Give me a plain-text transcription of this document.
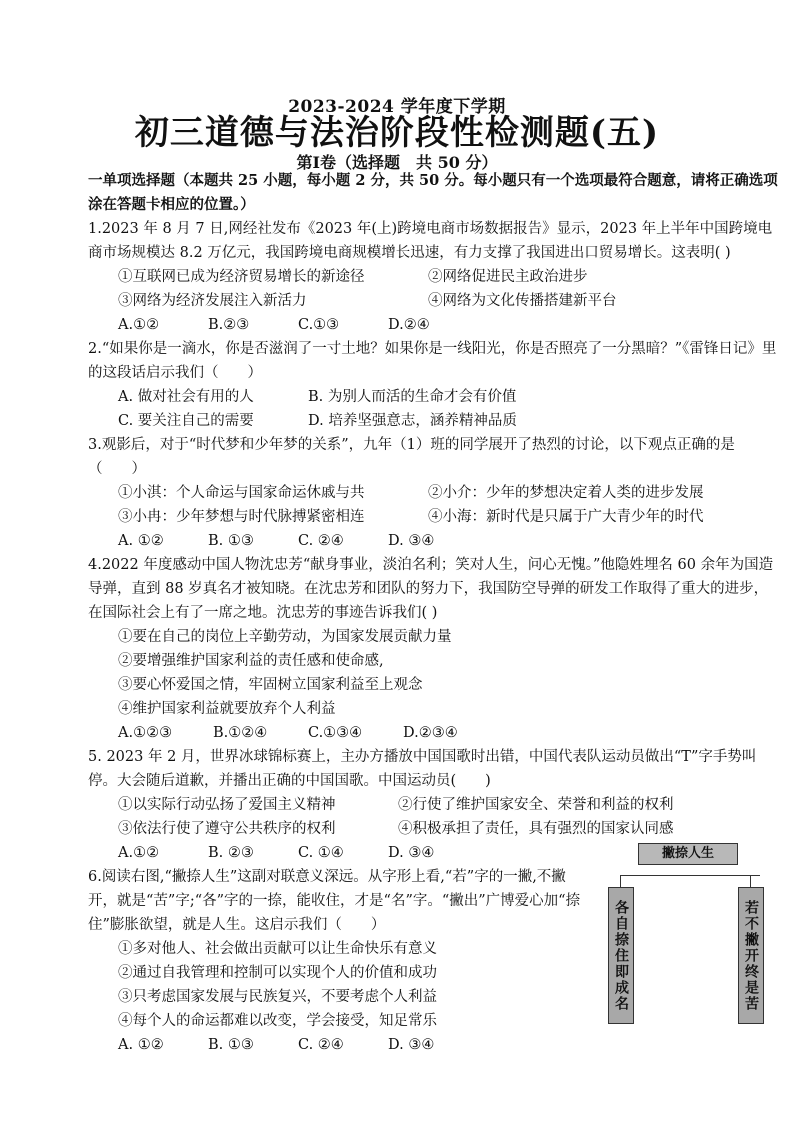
2023-2024 学年度下学期
初三道德与法治阶段性检测题(五)
第Ⅰ卷（选择题　共 50 分）

一单项选择题（本题共 25 小题，每小题 2 分，共 50 分。每小题只有一个选项最符合题意，请将正确选项涂在答题卡相应的位置。）

1.2023 年 8 月 7 日,网经社发布《2023 年(上)跨境电商市场数据报告》显示，2023 年上半年中国跨境电商市场规模达 8.2 万亿元，我国跨境电商规模增长迅速，有力支撑了我国进出口贸易增长。这表明( )

①互联网已成为经济贸易增长的新途径	②网络促进民主政治进步
③网络为经济发展注入新活力	④网络为文化传播搭建新平台
A.①②	B.②③	C.①③	D.②④

2.“如果你是一滴水，你是否滋润了一寸土地？如果你是一线阳光，你是否照亮了一分黑暗？”《雷锋日记》里的这段话启示我们（　　）

A. 做对社会有用的人	B. 为别人而活的生命才会有价值
C. 要关注自己的需要	D. 培养坚强意志，涵养精神品质

3.观影后，对于“时代梦和少年梦的关系”，九年（1）班的同学展开了热烈的讨论，以下观点正确的是（　　）

①小淇：个人命运与国家命运休戚与共	②小介：少年的梦想决定着人类的进步发展
③小冉：少年梦想与时代脉搏紧密相连	④小海：新时代是只属于广大青少年的时代
A. ①②	B. ①③	C. ②④	D. ③④

4.2022 年度感动中国人物沈忠芳“献身事业，淡泊名利；笑对人生，问心无愧。”他隐姓埋名 60 余年为国造导弹，直到 88 岁真名才被知晓。在沈忠芳和团队的努力下，我国防空导弹的研发工作取得了重大的进步，在国际社会上有了一席之地。沈忠芳的事迹告诉我们( )

①要在自己的岗位上辛勤劳动，为国家发展贡献力量
②要增强维护国家利益的责任感和使命感,
③要心怀爱国之情，牢固树立国家利益至上观念
④维护国家利益就要放弃个人利益
A.①②③	B.①②④	C.①③④	D.②③④

5. 2023 年 2 月，世界冰球锦标赛上，主办方播放中国国歌时出错，中国代表队运动员做出“T”字手势叫停。大会随后道歉，并播出正确的中国国歌。中国运动员(　　)

①以实际行动弘扬了爱国主义精神	②行使了维护国家安全、荣誉和利益的权利
③依法行使了遵守公共秩序的权利	④积极承担了责任，具有强烈的国家认同感
A.①②	B. ②③	C. ①④	D. ③④

6.阅读右图,“撇捺人生”这副对联意义深远。从字形上看,“若”字的一撇,不撇开，就是“苦”字;“各”字的一捺，能收住，才是“名”字。“撇出”广博爱心加“捺住”膨胀欲望，就是人生。这启示我们（　　）

①多对他人、社会做出贡献可以让生命快乐有意义
②通过自我管理和控制可以实现个人的价值和成功
③只考虑国家发展与民族复兴，不要考虑个人利益
④每个人的命运都难以改变，学会接受，知足常乐
A. ①②	B. ①③	C. ②④	D. ③④
撇捺人生
各自捺住即成名	若不撇开终是苦
